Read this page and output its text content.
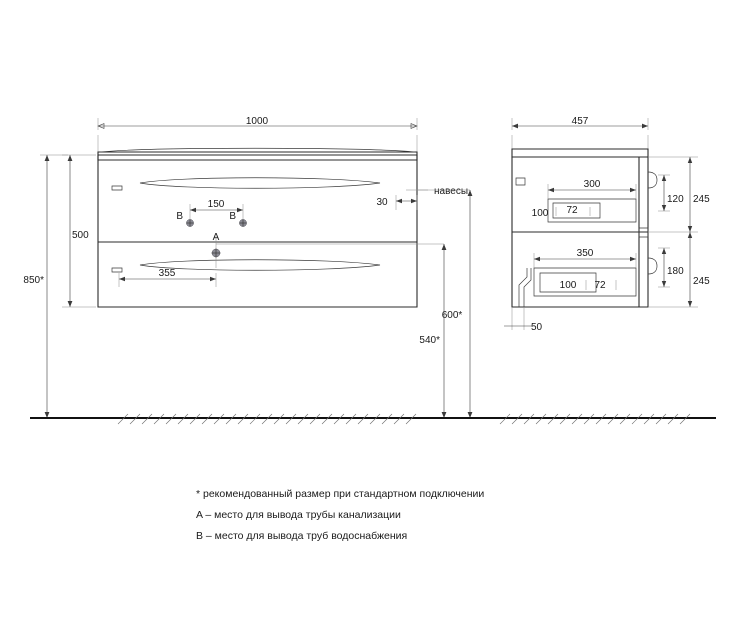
500
850*
150
B	B
A
355
30
навесы
600*
540*
1000	457
300
100 72
120 245
350
100 72
180
245
50
* рекомендованный размер при стандартном подключении
A – место для вывода трубы канализации
B – место для вывода труб водоснабжения
